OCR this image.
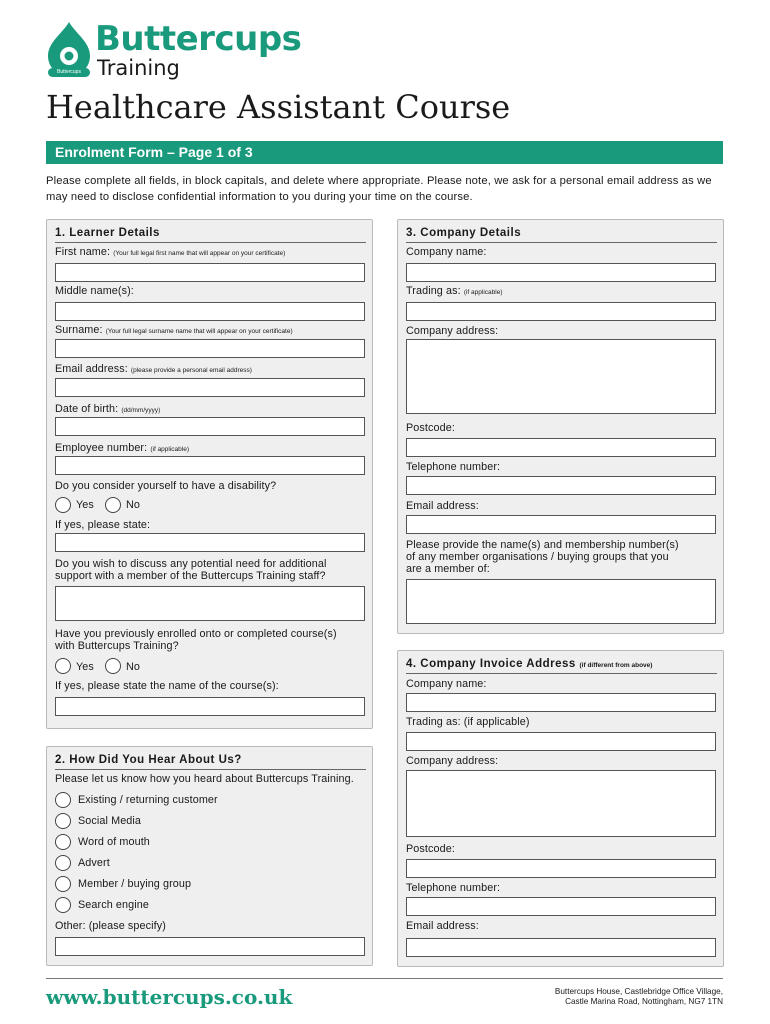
Buttercups
Buttercups
Training
Healthcare Assistant Course
Enrolment Form – Page 1 of 3
Please complete all fields, in block capitals, and delete where appropriate. Please note, we ask for a personal email address as we may need to disclose confidential information to you during your time on the course.
1. Learner Details
First name: (Your full legal first name that will appear on your certificate)
Middle name(s):
Surname: (Your full legal surname name that will appear on your certificate)
Email address: (please provide a personal email address)
Date of birth: (dd/mm/yyyy)
Employee number: (if applicable)
Do you consider yourself to have a disability?
Yes	No
If yes, please state:
Do you wish to discuss any potential need for additional
support with a member of the Buttercups Training staff?
Have you previously enrolled onto or completed course(s)
with Buttercups Training?
Yes	No
If yes, please state the name of the course(s):
2. How Did You Hear About Us?
Please let us know how you heard about Buttercups Training.
Existing / returning customer
Social Media
Word of mouth
Advert
Member / buying group
Search engine
Other: (please specify)
3. Company Details
Company name:
Trading as: (if applicable)
Company address:
Postcode:
Telephone number:
Email address:
Please provide the name(s) and membership number(s)
of any member organisations / buying groups that you
are a member of:
4. Company Invoice Address (if different from above)
Company name:
Trading as: (if applicable)
Company address:
Postcode:
Telephone number:
Email address:
www.buttercups.co.uk	Buttercups House, Castlebridge Office Village,
Castle Marina Road, Nottingham, NG7 1TN
